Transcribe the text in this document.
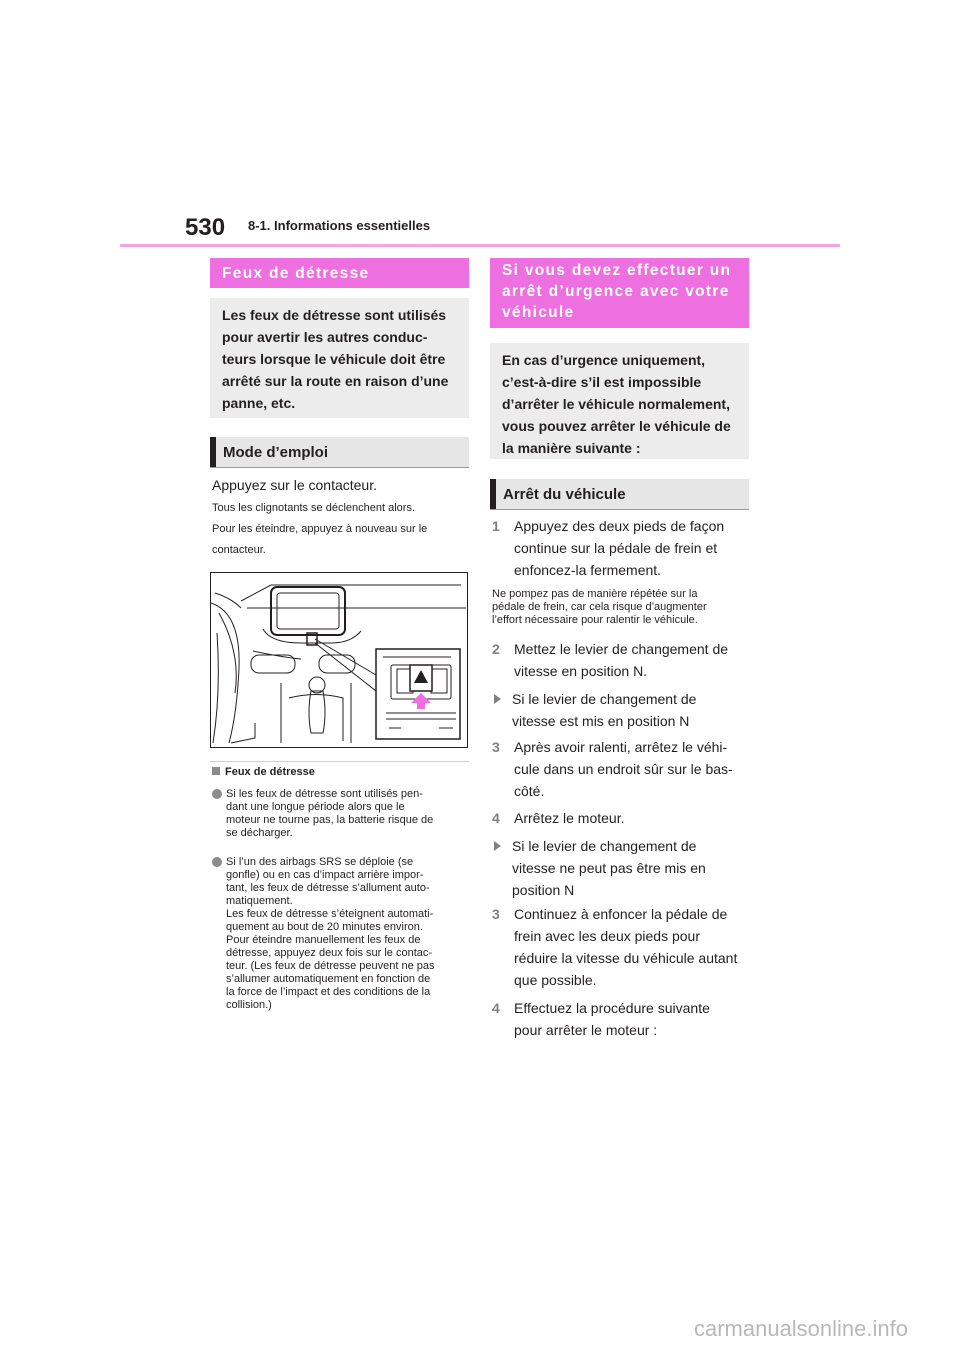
530 8-1. Informations essentielles
Feux de détresse
Les feux de détresse sont utilisés
pour avertir les autres conduc-
teurs lorsque le véhicule doit être
arrêté sur la route en raison d’une
panne, etc.
Mode d’emploi
Appuyez sur le contacteur.
Tous les clignotants se déclenchent alors.
Pour les éteindre, appuyez à nouveau sur le
contacteur.
Feux de détresse
Si les feux de détresse sont utilisés pen-
dant une longue période alors que le
moteur ne tourne pas, la batterie risque de
se décharger.
Si l’un des airbags SRS se déploie (se
gonfle) ou en cas d’impact arrière impor-
tant, les feux de détresse s’allument auto-
matiquement.
Les feux de détresse s’éteignent automati-
quement au bout de 20 minutes environ.
Pour éteindre manuellement les feux de
détresse, appuyez deux fois sur le contac-
teur. (Les feux de détresse peuvent ne pas
s’allumer automatiquement en fonction de
la force de l’impact et des conditions de la
collision.)
Si vous devez effectuer un
arrêt d’urgence avec votre
véhicule
En cas d’urgence uniquement,
c’est-à-dire s’il est impossible
d’arrêter le véhicule normalement,
vous pouvez arrêter le véhicule de
la manière suivante :
Arrêt du véhicule
1 Appuyez des deux pieds de façon
continue sur la pédale de frein et
enfoncez-la fermement.
Ne pompez pas de manière répétée sur la
pédale de frein, car cela risque d’augmenter
l’effort nécessaire pour ralentir le véhicule.
2 Mettez le levier de changement de
vitesse en position N.
Si le levier de changement de
vitesse est mis en position N
3 Après avoir ralenti, arrêtez le véhi-
cule dans un endroit sûr sur le bas-
côté.
4 Arrêtez le moteur.
Si le levier de changement de
vitesse ne peut pas être mis en
position N
3 Continuez à enfoncer la pédale de
frein avec les deux pieds pour
réduire la vitesse du véhicule autant
que possible.
4 Effectuez la procédure suivante
pour arrêter le moteur :
carmanualsonline.info
